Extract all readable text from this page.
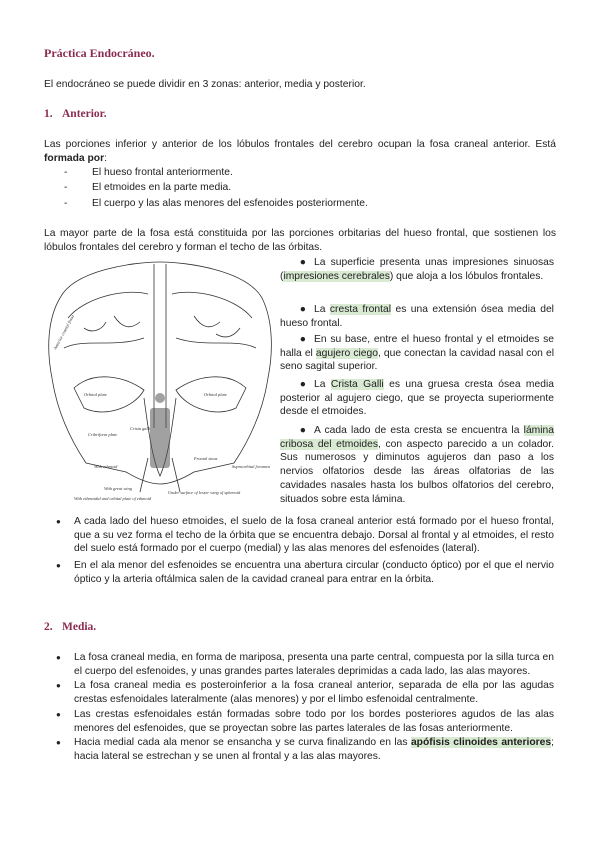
Práctica Endocráneo.
El endocráneo se puede dividir en 3 zonas: anterior, media y posterior.
1. Anterior.
Las porciones inferior y anterior de los lóbulos frontales del cerebro ocupan la fosa craneal anterior. Está formada por:
- El hueso frontal anteriormente.
- El etmoides en la parte media.
- El cuerpo y las alas menores del esfenoides posteriormente.
La mayor parte de la fosa está constituida por las porciones orbitarias del hueso frontal, que sostienen los lóbulos frontales del cerebro y forman el techo de las órbitas.
Anterior cranial fossa
Orbital plate	Orbital plate
Frontal sinus
Cribriform plate
With ethmoid
Crista galli
Under surface of lesser wing of sphenoid
With great wing
With ethmoidal and orbital plate of ethmoid
Supraorbital foramen
● La superficie presenta unas impresiones sinuosas (impresiones cerebrales) que aloja a los lóbulos frontales.
● La cresta frontal es una extensión ósea media del hueso frontal.
● En su base, entre el hueso frontal y el etmoides se halla el agujero ciego, que conectan la cavidad nasal con el seno sagital superior.
● La Crista Galli es una gruesa cresta ósea media posterior al agujero ciego, que se proyecta superiormente desde el etmoides.
● A cada lado de esta cresta se encuentra la lámina cribosa del etmoides, con aspecto parecido a un colador. Sus numerosos y diminutos agujeros dan paso a los nervios olfatorios desde las áreas olfatorias de las cavidades nasales hasta los bulbos olfatorios del cerebro, situados sobre esta lámina.
● A cada lado del hueso etmoides, el suelo de la fosa craneal anterior está formado por el hueso frontal, que a su vez forma el techo de la órbita que se encuentra debajo. Dorsal al frontal y al etmoides, el resto del suelo está formado por el cuerpo (medial) y las alas menores del esfenoides (lateral).
● En el ala menor del esfenoides se encuentra una abertura circular (conducto óptico) por el que el nervio óptico y la arteria oftálmica salen de la cavidad craneal para entrar en la órbita.
2. Media.
● La fosa craneal media, en forma de mariposa, presenta una parte central, compuesta por la silla turca en el cuerpo del esfenoides, y unas grandes partes laterales deprimidas a cada lado, las alas mayores.
● La fosa craneal media es posteroinferior a la fosa craneal anterior, separada de ella por las agudas crestas esfenoidales lateralmente (alas menores) y por el limbo esfenoidal centralmente.
● Las crestas esfenoidales están formadas sobre todo por los bordes posteriores agudos de las alas menores del esfenoides, que se proyectan sobre las partes laterales de las fosas anteriormente.
● Hacia medial cada ala menor se ensancha y se curva finalizando en las apófisis clinoides anteriores; hacia lateral se estrechan y se unen al frontal y a las alas mayores.
